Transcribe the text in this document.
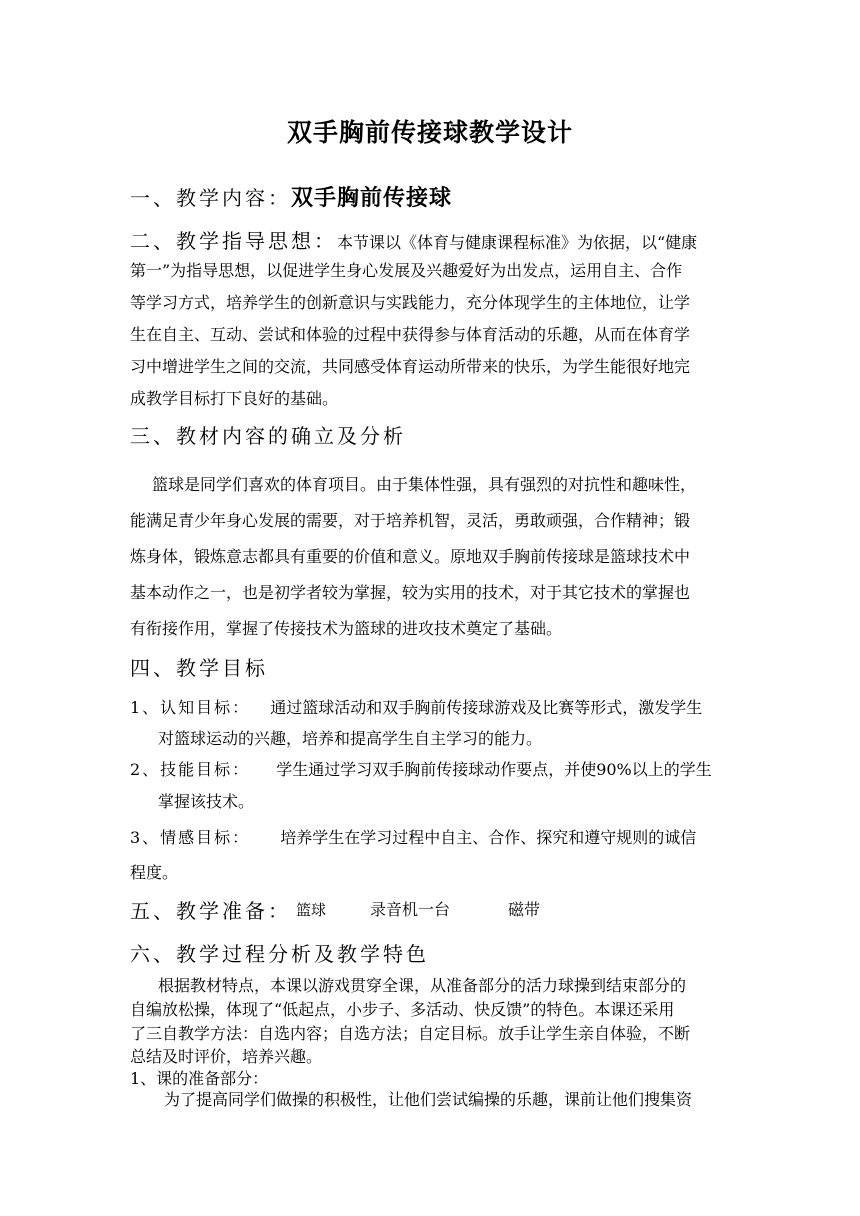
双手胸前传接球教学设计
一、教学内容：双手胸前传接球
二、教学指导思想：本节课以《体育与健康课程标准》为依据，以“健康
第一”为指导思想，以促进学生身心发展及兴趣爱好为出发点，运用自主、合作
等学习方式，培养学生的创新意识与实践能力，充分体现学生的主体地位，让学
生在自主、互动、尝试和体验的过程中获得参与体育活动的乐趣，从而在体育学
习中增进学生之间的交流，共同感受体育运动所带来的快乐，为学生能很好地完
成教学目标打下良好的基础。
三、教材内容的确立及分析
篮球是同学们喜欢的体育项目。由于集体性强，具有强烈的对抗性和趣味性，
能满足青少年身心发展的需要，对于培养机智，灵活，勇敢顽强，合作精神；锻
炼身体，锻炼意志都具有重要的价值和意义。原地双手胸前传接球是篮球技术中
基本动作之一，也是初学者较为掌握，较为实用的技术，对于其它技术的掌握也
有衔接作用，掌握了传接技术为篮球的进攻技术奠定了基础。
四、教学目标
1、认知目标： 通过篮球活动和双手胸前传接球游戏及比赛等形式，激发学生
对篮球运动的兴趣，培养和提高学生自主学习的能力。
2、技能目标： 学生通过学习双手胸前传接球动作要点，并使90%以上的学生
掌握该技术。
3、情感目标： 培养学生在学习过程中自主、合作、探究和遵守规则的诚信
程度。
五、教学准备： 篮球	录音机一台	磁带
六、教学过程分析及教学特色
根据教材特点，本课以游戏贯穿全课，从准备部分的活力球操到结束部分的
自编放松操，体现了“低起点，小步子、多活动、快反馈”的特色。本课还采用
了三自教学方法：自选内容；自选方法；自定目标。放手让学生亲自体验，不断
总结及时评价，培养兴趣。
1、课的准备部分：
为了提高同学们做操的积极性，让他们尝试编操的乐趣，课前让他们搜集资
